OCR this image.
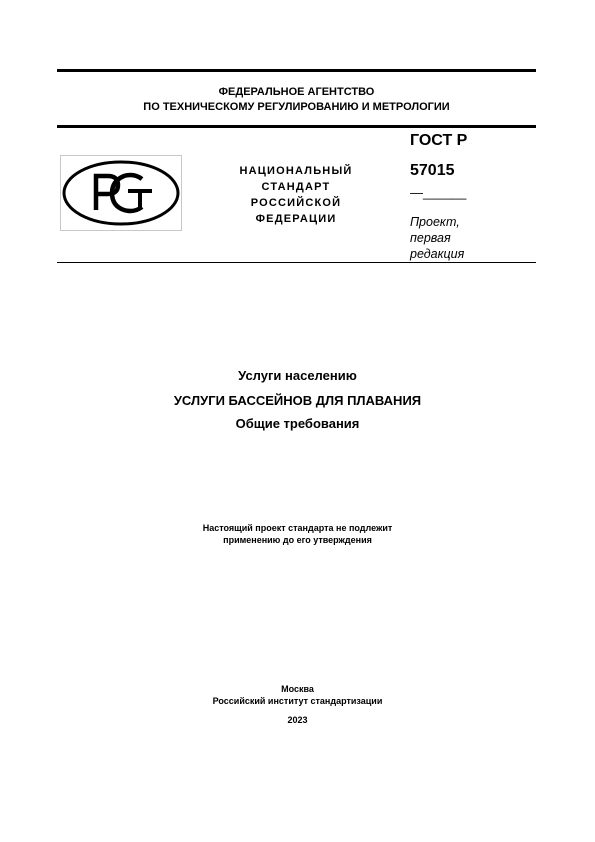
ФЕДЕРАЛЬНОЕ АГЕНТСТВО
ПО ТЕХНИЧЕСКОМУ РЕГУЛИРОВАНИЮ И МЕТРОЛОГИИ
НАЦИОНАЛЬНЫЙ
СТАНДАРТ
РОССИЙСКОЙ
ФЕДЕРАЦИИ
ГОСТ Р
57015
—______
Проект,
первая
редакция
Услуги населению
УСЛУГИ БАССЕЙНОВ ДЛЯ ПЛАВАНИЯ
Общие требования
Настоящий проект стандарта не подлежит
применению до его утверждения
Москва
Российский институт стандартизации
2023
